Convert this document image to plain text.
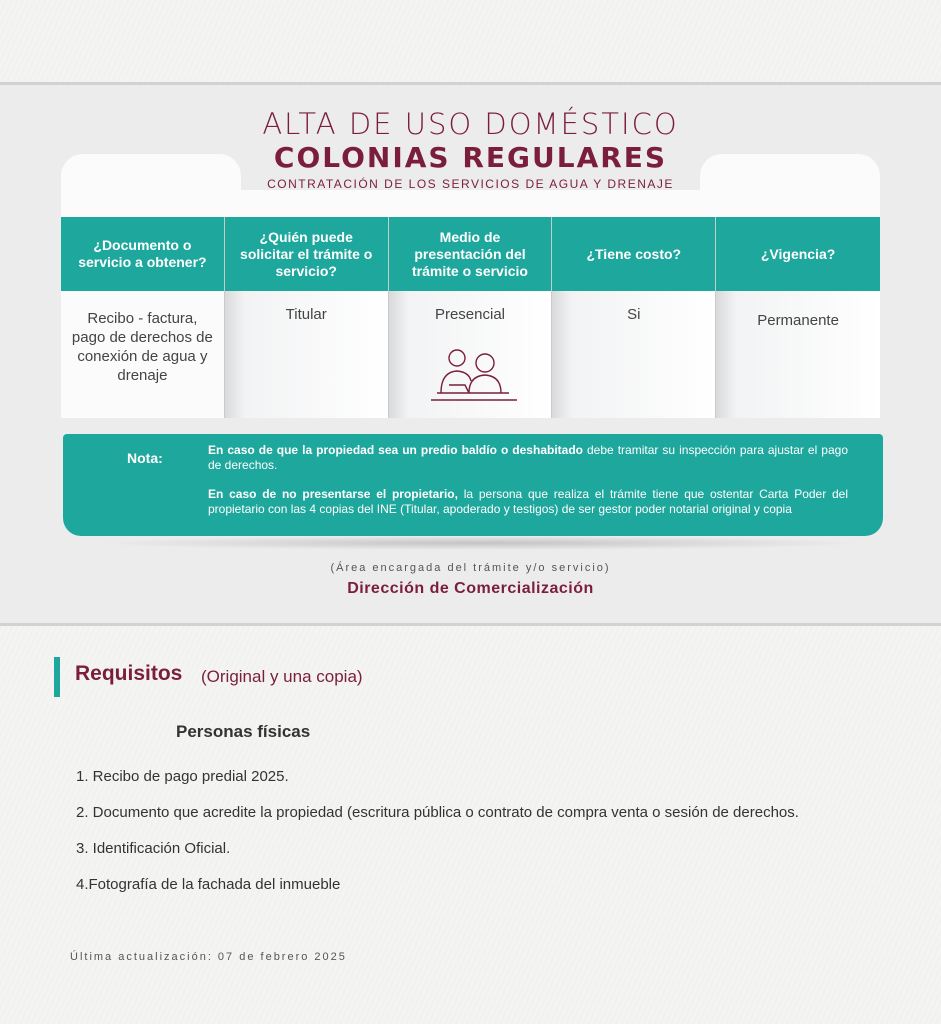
ALTA DE USO DOMÉSTICO
COLONIAS REGULARES
CONTRATACIÓN DE LOS SERVICIOS DE AGUA Y DRENAJE
¿Documento o servicio a obtener?
Recibo - factura, pago de derechos de conexión de agua y drenaje
¿Quién puede solicitar el trámite o servicio?
Titular
Medio de presentación del trámite o servicio
Presencial
¿Tiene costo?
Si
¿Vigencia?
Permanente
Nota:	En caso de que la propiedad sea un predio baldío o deshabitado debe tramitar su inspección para ajustar el pago de derechos.
En caso de no presentarse el propietario, la persona que realiza el trámite tiene que ostentar Carta Poder del propietario con las 4 copias del INE (Titular, apoderado y testigos) de ser gestor poder notarial original y copia
(Área encargada del trámite y/o servicio)
Dirección de Comercialización
Requisitos (Original y una copia)
Personas físicas
1. Recibo de pago predial 2025.
2. Documento que acredite la propiedad (escritura pública o contrato de compra venta o sesión de derechos.
3. Identificación Oficial.
4.Fotografía de la fachada del inmueble
Última actualización: 07 de febrero 2025
